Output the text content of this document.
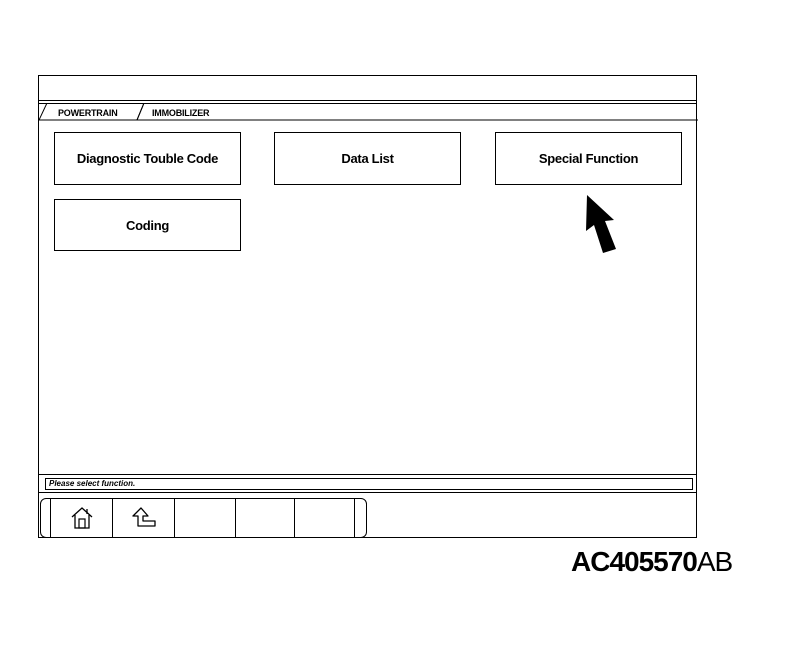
POWERTRAIN	IMMOBILIZER
Diagnostic Touble Code	Data List	Special Function
Coding
Please select function.
AC405570AB
